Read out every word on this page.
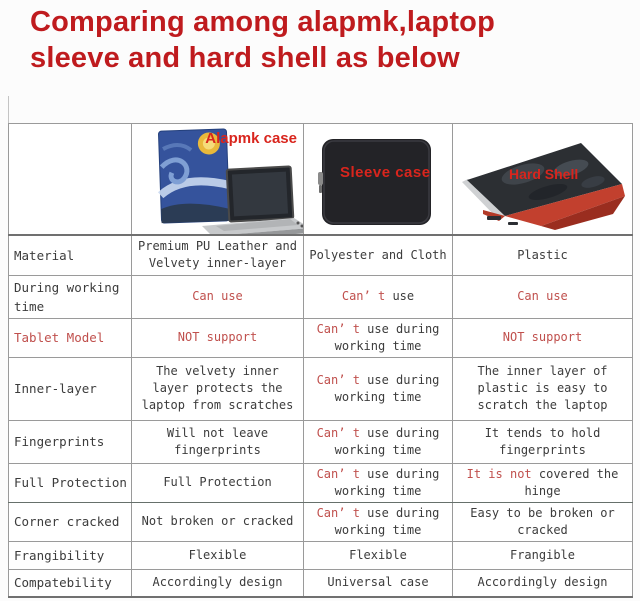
Comparing among alapmk,laptop
sleeve and hard shell as below

	Alapmk case	Sleeve case	Hard Shell

Material	Premium PU Leather and Velvety inner-layer	Polyester and Cloth	Plastic
During working time	Can use	Can’ t use	Can use
Tablet Model	NOT support	Can’ t use during working time	NOT support
Inner-layer	The velvety inner layer protects the laptop from scratches	Can’ t use during working time	The inner layer of plastic is easy to scratch the laptop
Fingerprints	Will not leave fingerprints	Can’ t use during working time	It tends to hold fingerprints
Full Protection	Full Protection	Can’ t use during working time	It is not covered the hinge
Corner cracked	Not broken or cracked	Can’ t use during working time	Easy to be broken or cracked
Frangibility	Flexible	Flexible	Frangible
Compatebility	Accordingly design	Universal case	Accordingly design
